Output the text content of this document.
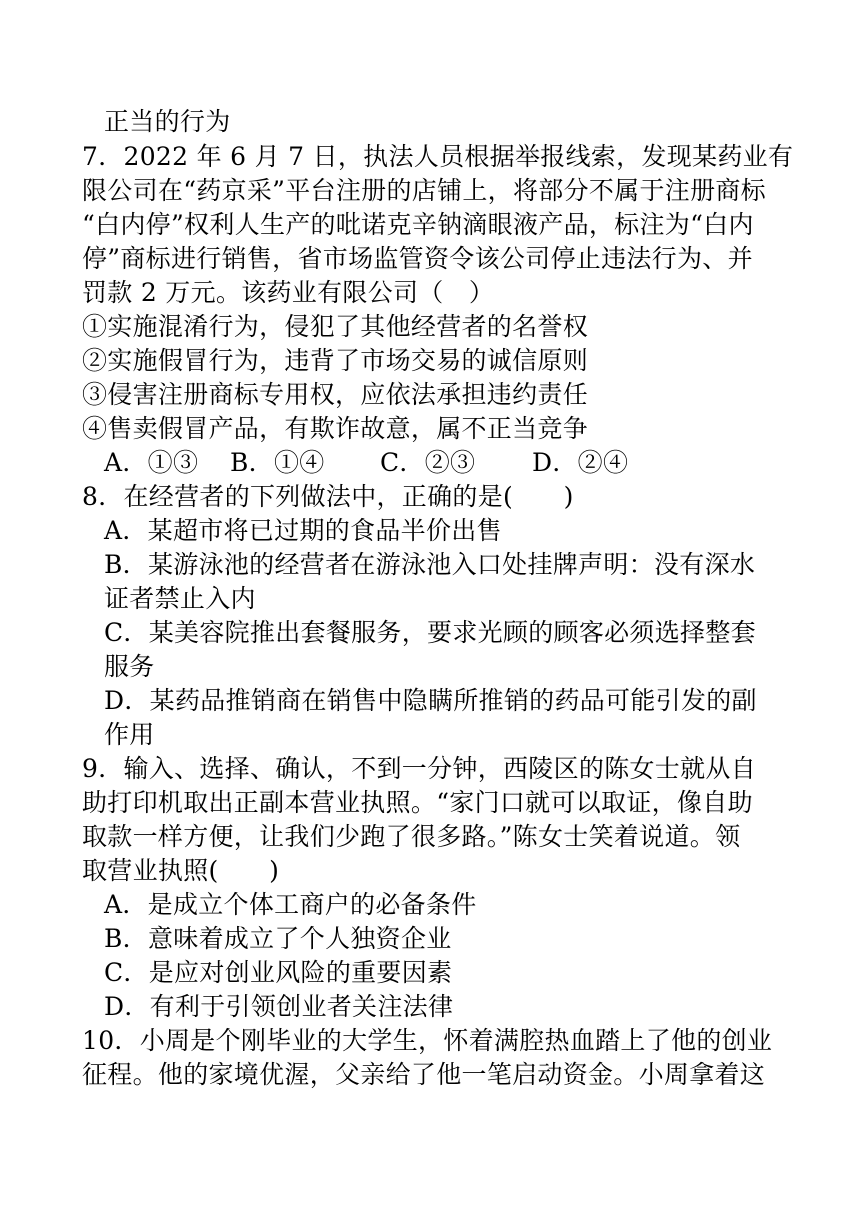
正当的行为
7．2022 年 6 月 7 日，执法人员根据举报线索，发现某药业有
限公司在“药京采”平台注册的店铺上，将部分不属于注册商标
“白内停”权利人生产的吡诺克辛钠滴眼液产品，标注为“白内
停”商标进行销售，省市场监管资令该公司停止违法行为、并
罚款 2 万元。该药业有限公司（　）
①实施混淆行为，侵犯了其他经营者的名誉权
②实施假冒行为，违背了市场交易的诚信原则
③侵害注册商标专用权，应依法承担违约责任
④售卖假冒产品，有欺诈故意，属不正当竞争
A．①③ B．①④ C．②③ D．②④
8．在经营者的下列做法中，正确的是(　　)
A．某超市将已过期的食品半价出售
B．某游泳池的经营者在游泳池入口处挂牌声明：没有深水
证者禁止入内
C．某美容院推出套餐服务，要求光顾的顾客必须选择整套
服务
D．某药品推销商在销售中隐瞒所推销的药品可能引发的副
作用
9．输入、选择、确认，不到一分钟，西陵区的陈女士就从自
助打印机取出正副本营业执照。“家门口就可以取证，像自助
取款一样方便，让我们少跑了很多路。”陈女士笑着说道。领
取营业执照(　　)
A．是成立个体工商户的必备条件
B．意味着成立了个人独资企业
C．是应对创业风险的重要因素
D．有利于引领创业者关注法律
10．小周是个刚毕业的大学生，怀着满腔热血踏上了他的创业
征程。他的家境优渥，父亲给了他一笔启动资金。小周拿着这
